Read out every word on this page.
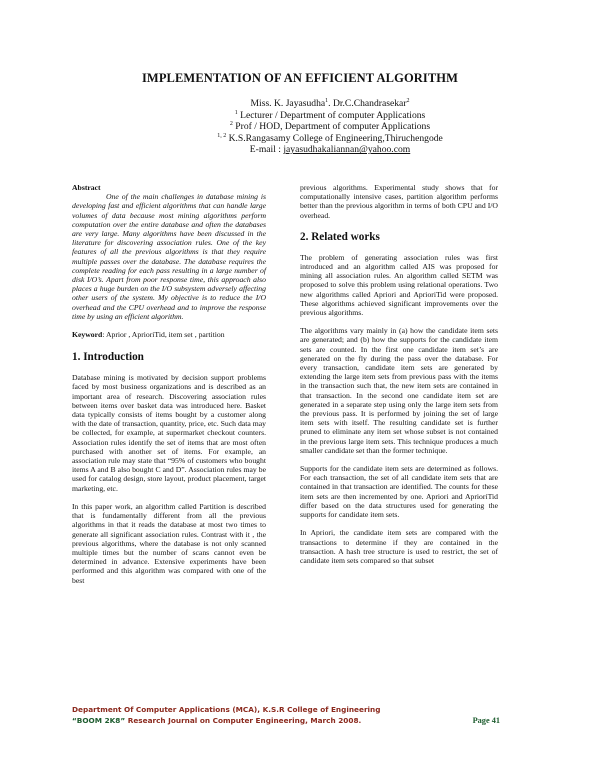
IMPLEMENTATION OF AN EFFICIENT ALGORITHM
Miss. K. Jayasudha$^1$. Dr.C.Chandrasekar$^2$
$^1$ Lecturer / Department of computer Applications
$^2$ Prof / HOD, Department of computer Applications
$^{1, 2}$ K.S.Rangasamy College of Engineering,Thiruchengode
E-mail : jayasudhakaliannan@yahoo.com

Abstract
One of the main challenges in database mining is developing fast and efficient algorithms that can handle large volumes of data because most mining algorithms perform computation over the entire database and often the databases are very large. Many algorithms have been discussed in the literature for discovering association rules. One of the key features of all the previous algorithms is that they require multiple passes over the database. The database requires the complete reading for each pass resulting in a large number of disk I/O’s. Apart from poor response time, this approach also places a huge burden on the I/O subsystem adversely affecting other users of the system. My objective is to reduce the I/O overhead and the CPU overhead and to improve the response time by using an efficient algorithm.

Keyword: Aprior , AprioriTid, item set , partition

1. Introduction

Database mining is motivated by decision support problems faced by most business organizations and is described as an important area of research. Discovering association rules between items over basket data was introduced here. Basket data typically consists of items bought by a customer along with the date of transaction, quantity, price, etc. Such data may be collected, for example, at supermarket checkout counters. Association rules identify the set of items that are most often purchased with another set of items. For example, an association rule may state that “95% of customers who bought items A and B also bought C and D”. Association rules may be used for catalog design, store layout, product placement, target marketing, etc.

In this paper work, an algorithm called Partition is described that is fundamentally different from all the previous algorithms in that it reads the database at most two times to generate all significant association rules. Contrast with it , the previous algorithms, where the database is not only scanned multiple times but the number of scans cannot even be determined in advance. Extensive experiments have been performed and this algorithm was compared with one of the best

previous algorithms. Experimental study shows that for computationally intensive cases, partition algorithm performs better than the previous algorithm in terms of both CPU and I/O overhead.

2. Related works

The problem of generating association rules was first introduced and an algorithm called AIS was proposed for mining all association rules. An algorithm called SETM was proposed to solve this problem using relational operations. Two new algorithms called Apriori and AprioriTid were proposed. These algorithms achieved significant improvements over the previous algorithms.

The algorithms vary mainly in (a) how the candidate item sets are generated; and (b) how the supports for the candidate item sets are counted. In the first one candidate item set’s are generated on the fly during the pass over the database. For every transaction, candidate item sets are generated by extending the large item sets from previous pass with the items in the transaction such that, the new item sets are contained in that transaction. In the second one candidate item set are generated in a separate step using only the large item sets from the previous pass. It is performed by joining the set of large item sets with itself. The resulting candidate set is further pruned to eliminate any item set whose subset is not contained in the previous large item sets. This technique produces a much smaller candidate set than the former technique.

Supports for the candidate item sets are determined as follows. For each transaction, the set of all candidate item sets that are contained in that transaction are identified. The counts for these item sets are then incremented by one. Apriori and AprioriTid differ based on the data structures used for generating the supports for candidate item sets.

In Apriori, the candidate item sets are compared with the transactions to determine if they are contained in the transaction. A hash tree structure is used to restrict, the set of candidate item sets compared so that subset

Department Of Computer Applications (MCA), K.S.R College of Engineering
“BOOM 2K8” Research Journal on Computer Engineering, March 2008.	Page 41
